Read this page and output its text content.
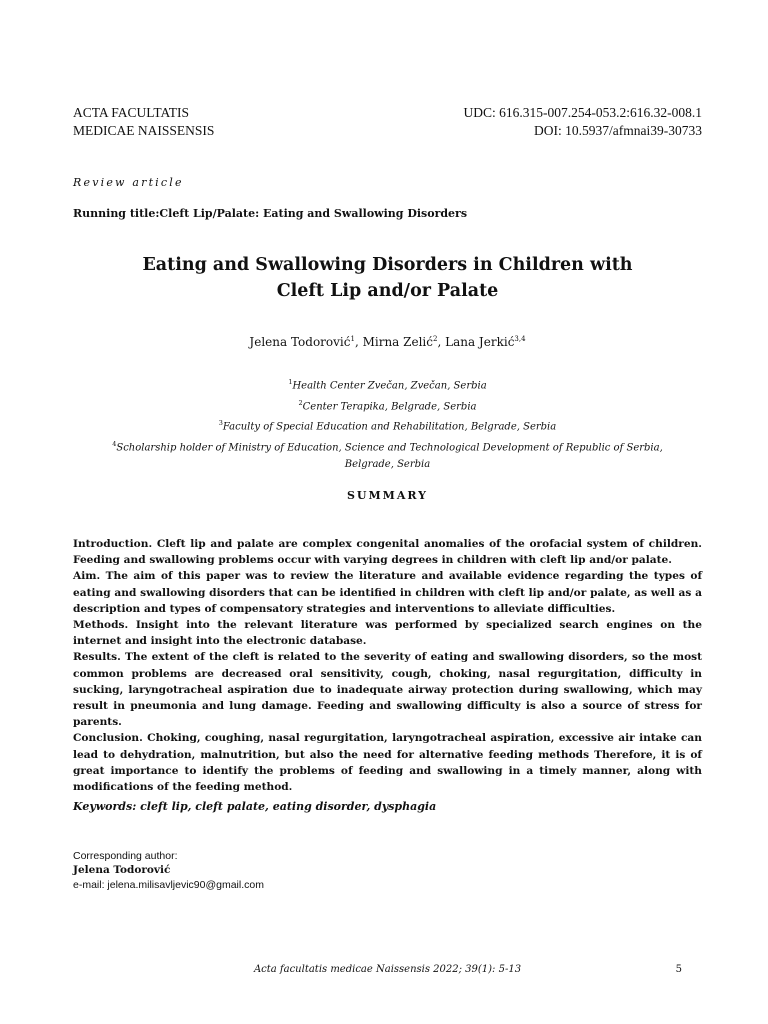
ACTA FACULTATIS
MEDICAE NAISSENSIS
UDC: 616.315-007.254-053.2:616.32-008.1
DOI: 10.5937/afmnai39-30733
Review article
Running title:Cleft Lip/Palate: Eating and Swallowing Disorders
Eating and Swallowing Disorders in Children with
Cleft Lip and/or Palate
Jelena Todorović$^1$, Mirna Zelić$^2$, Lana Jerkić$^{3,4}$
$^1$Health Center Zvečan, Zvečan, Serbia
$^2$Center Terapika, Belgrade, Serbia
$^3$Faculty of Special Education and Rehabilitation, Belgrade, Serbia
$^4$Scholarship holder of Ministry of Education, Science and Technological Development of Republic of Serbia,
Belgrade, Serbia
SUMMARY

Introduction. Cleft lip and palate are complex congenital anomalies of the orofacial system of children. Feeding and swallowing problems occur with varying degrees in children with cleft lip and/or palate.

Aim. The aim of this paper was to review the literature and available evidence regarding the types of eating and swallowing disorders that can be identified in children with cleft lip and/or palate, as well as a description and types of compensatory strategies and interventions to alleviate difficulties.

Methods. Insight into the relevant literature was performed by specialized search engines on the internet and insight into the electronic database.

Results. The extent of the cleft is related to the severity of eating and swallowing disorders, so the most common problems are decreased oral sensitivity, cough, choking, nasal regurgitation, difficulty in sucking, laryngotracheal aspiration due to inadequate airway protection during swallowing, which may result in pneumonia and lung damage. Feeding and swallowing difficulty is also a source of stress for parents.

Conclusion. Choking, coughing, nasal regurgitation, laryngotracheal aspiration, excessive air intake can lead to dehydration, malnutrition, but also the need for alternative feeding methods Therefore, it is of great importance to identify the problems of feeding and swallowing in a timely manner, along with modifications of the feeding method.

Keywords: cleft lip, cleft palate, eating disorder, dysphagia
Corresponding author:
Jelena Todorović
e-mail: jelena.milisavljevic90@gmail.com
Acta facultatis medicae Naissensis 2022; 39(1): 5-13	5
